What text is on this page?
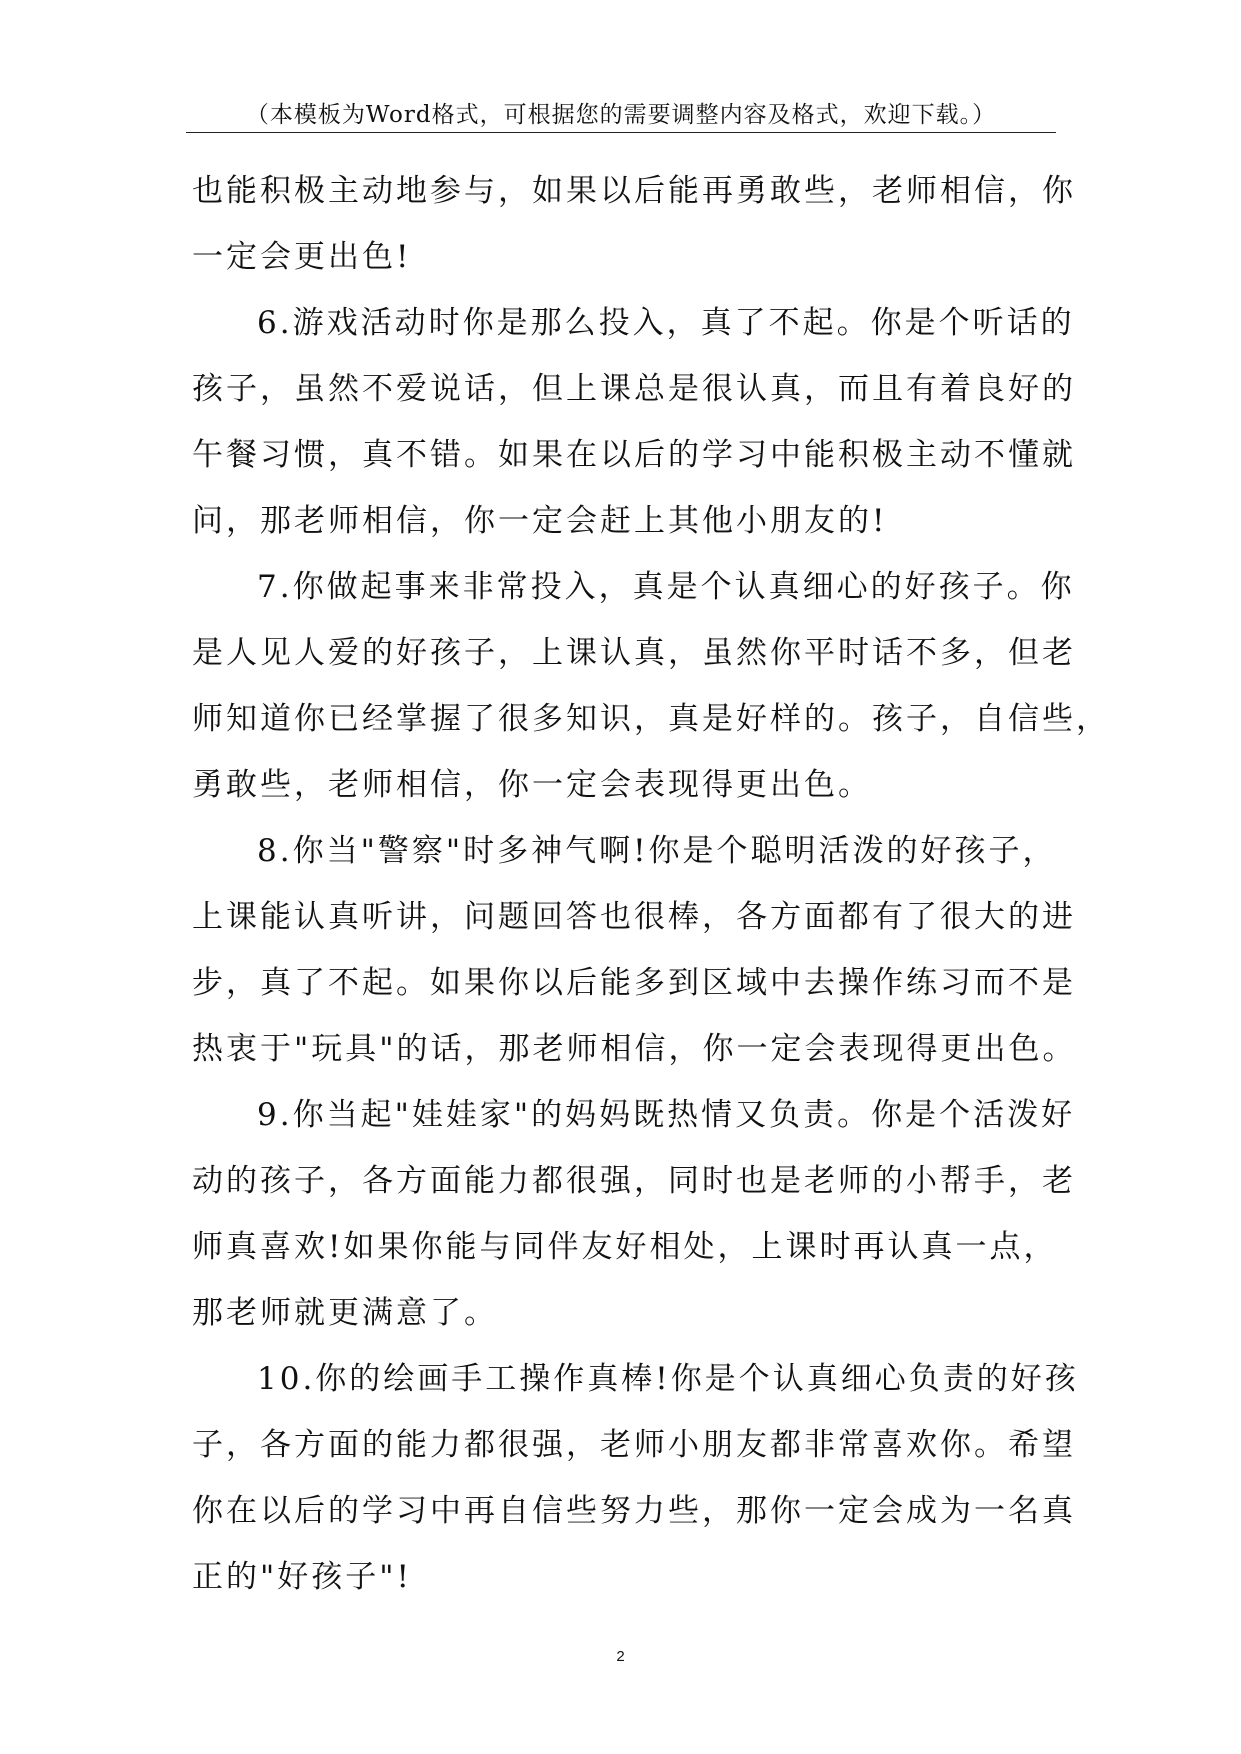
（本模板为Word格式，可根据您的需要调整内容及格式，欢迎下载。）
也能积极主动地参与，如果以后能再勇敢些，老师相信，你
一定会更出色!
6.游戏活动时你是那么投入，真了不起。你是个听话的
孩子，虽然不爱说话，但上课总是很认真，而且有着良好的
午餐习惯，真不错。如果在以后的学习中能积极主动不懂就
问，那老师相信，你一定会赶上其他小朋友的!
7.你做起事来非常投入，真是个认真细心的好孩子。你
是人见人爱的好孩子，上课认真，虽然你平时话不多，但老
师知道你已经掌握了很多知识，真是好样的。孩子，自信些，
勇敢些，老师相信，你一定会表现得更出色。
8.你当"警察"时多神气啊!你是个聪明活泼的好孩子，
上课能认真听讲，问题回答也很棒，各方面都有了很大的进
步，真了不起。如果你以后能多到区域中去操作练习而不是
热衷于"玩具"的话，那老师相信，你一定会表现得更出色。
9.你当起"娃娃家"的妈妈既热情又负责。你是个活泼好
动的孩子，各方面能力都很强，同时也是老师的小帮手，老
师真喜欢!如果你能与同伴友好相处，上课时再认真一点，
那老师就更满意了。
10.你的绘画手工操作真棒!你是个认真细心负责的好孩
子，各方面的能力都很强，老师小朋友都非常喜欢你。希望
你在以后的学习中再自信些努力些，那你一定会成为一名真
正的"好孩子"!
2
